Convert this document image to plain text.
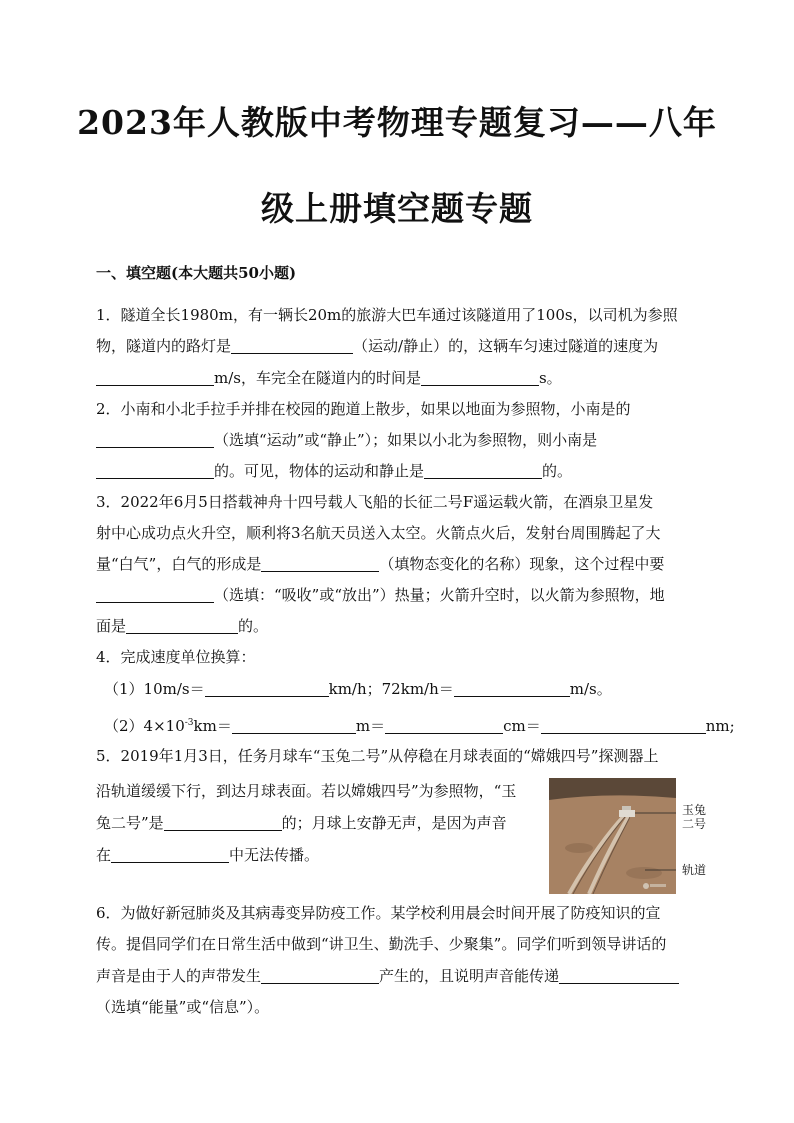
2023年人教版中考物理专题复习——八年
级上册填空题专题
一、填空题(本大题共50小题)
1．隧道全长1980m，有一辆长20m的旅游大巴车通过该隧道用了100s，以司机为参照
物，隧道内的路灯是	（运动/静止）的，这辆车匀速过隧道的速度为
m/s，车完全在隧道内的时间是	s。
2．小南和小北手拉手并排在校园的跑道上散步，如果以地面为参照物，小南是的
（选填“运动”或“静止”）；如果以小北为参照物，则小南是
的。可见，物体的运动和静止是	的。
3．2022年6月5日搭载神舟十四号载人飞船的长征二号F遥运载火箭，在酒泉卫星发
射中心成功点火升空，顺利将3名航天员送入太空。火箭点火后，发射台周围腾起了大
量“白气”，白气的形成是	（填物态变化的名称）现象，这个过程中要
（选填：“吸收”或“放出”）热量；火箭升空时，以火箭为参照物，地
面是	的。
4．完成速度单位换算：
（1）10m/s＝	km/h；72km/h＝	m/s。
$(2)4\times 10^{-3}km=$	m＝	cm＝	nm;
5．2019年1月3日，任务月球车“玉兔二号”从停稳在月球表面的“嫦娥四号”探测器上
沿轨道缓缓下行，到达月球表面。若以嫦娥四号”为参照物，“玉
兔二号”是	的；月球上安静无声，是因为声音
在	中无法传播。
玉兔
二号
轨道
6．为做好新冠肺炎及其病毒变异防疫工作。某学校利用晨会时间开展了防疫知识的宣
传。提倡同学们在日常生活中做到“讲卫生、勤洗手、少聚集”。同学们听到领导讲话的
声音是由于人的声带发生	产生的，且说明声音能传递
（选填“能量”或“信息”）。
